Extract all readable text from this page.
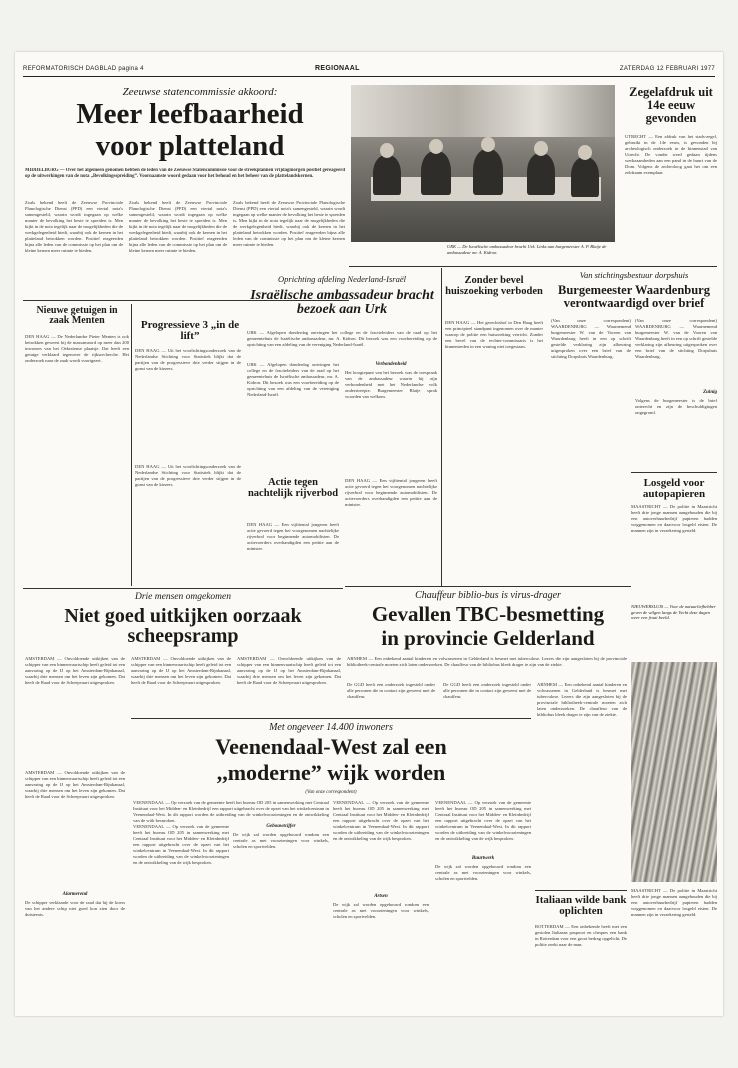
REFORMATORISCH DAGBLAD pagina 4	REGIONAAL	ZATERDAG 12 FEBRUARI 1977
Zeeuwse statencommissie akkoord:
Meer leefbaarheid
voor platteland
MIDDELBURG — Over het algemeen genomen hebben de leden van de Zeeuwse Statencommissie voor de streekplannen vrijdagmorgen positief gereageerd op de uitwerkingen van de nota „Bevolkingsspreiding”. Voornaamste woord gedaan voor het behoud en het beheer van de plattelandskernen.
Zoals bekend heeft de Zeeuwse Provinciale Planologische Dienst (PPD) een viertal nota's samengesteld, waarin wordt ingegaan op welke manier de bevolking het beste te spreiden is. Men kijkt in de nota tegelijk naar de mogelijkheden die de werkgelegenheid biedt, waarbij ook de kernen in het platteland betrokken worden. Positief reageerden bijna alle leden van de commissie op het plan om de kleine kernen meer ruimte te bieden.
Zoals bekend heeft de Zeeuwse Provinciale Planologische Dienst (PPD) een viertal nota's samengesteld, waarin wordt ingegaan op welke manier de bevolking het beste te spreiden is. Men kijkt in de nota tegelijk naar de mogelijkheden die de werkgelegenheid biedt, waarbij ook de kernen in het platteland betrokken worden. Positief reageerden bijna alle leden van de commissie op het plan om de kleine kernen meer ruimte te bieden.
Zoals bekend heeft de Zeeuwse Provinciale Planologische Dienst (PPD) een viertal nota's samengesteld, waarin wordt ingegaan op welke manier de bevolking het beste te spreiden is. Men kijkt in de nota tegelijk naar de mogelijkheden die de werkgelegenheid biedt, waarbij ook de kernen in het platteland betrokken worden. Positief reageerden bijna alle leden van de commissie op het plan om de kleine kernen meer ruimte te bieden.	URK — De Israëlische ambassadeur bracht Urk. Links aan burgemeester A. P. Blaije de ambassadeur mr. A. Kidron.
Zegelafdruk uit 14e eeuw gevonden
UTRECHT — Een afdruk van het stads-zegel, gebruikt in de 14e eeuw, is gevonden bij archeologisch onderzoek in de binnenstad van Utrecht. De vondst werd gedaan tijdens werkzaamheden aan een pand in de buurt van de Dom. Volgens de archeoloog gaat het om een zeldzaam exemplaar.
Nieuwe getuigen in zaak Menten
DEN HAAG — De Nederlandse Pieter Menten is ook betrokken geweest bij de massamoord op meer dan 200 inwoners van het Oekraïense plaatsje. Dat heeft een getuige verklaard tegenover de rijksrecherche. Het onderzoek naar de zaak wordt voortgezet.
Progressieve 3 „in de lift”
DEN HAAG — Uit het voorlichtingsonderzoek van de Nederlandse Stichting voor Statistiek blijkt dat de partijen van de progressieve drie verder stijgen in de gunst van de kiezers.
DEN HAAG — Uit het voorlichtingsonderzoek van de Nederlandse Stichting voor Statistiek blijkt dat de partijen van de progressieve drie verder stijgen in de gunst van de kiezers.
Oprichting afdeling Nederland-Israël
Israëlische ambassadeur bracht bezoek aan Urk
URK — Afgelopen donderdag ontvingen het college en de fractieleiders van de raad op het gemeentehuis de Israëlische ambassadeur, mr. A. Kidron. Dit bezoek was een voorbereiding op de oprichting van een afdeling van de vereniging Nederland-Israël.
URK — Afgelopen donderdag ontvingen het college en de fractieleiders van de raad op het gemeentehuis de Israëlische ambassadeur, mr. A. Kidron. Dit bezoek was een voorbereiding op de oprichting van een afdeling van de vereniging Nederland-Israël.
Verbondenheid
Het hoogtepunt van het bezoek was de toespraak van de ambassadeur waarin hij zijn verbondenheid met het Nederlandse volk onderstreepte. Burgemeester Blaije sprak woorden van welkom.
Actie tegen nachtelijk rijverbod
DEN HAAG — Een vijftiental jongeren heeft actie gevoerd tegen het voorgenomen nachtelijke rijverbod voor beginnende automobilisten. De actievoerders overhandigden een petitie aan de minister.
DEN HAAG — Een vijftiental jongeren heeft actie gevoerd tegen het voorgenomen nachtelijke rijverbod voor beginnende automobilisten. De actievoerders overhandigden een petitie aan de minister.
Zonder bevel huiszoeking verboden
DEN HAAG — Het gerechtshof in Den Haag heeft een principieel standpunt ingenomen over de manier waarop de politie een huiszoeking verricht. Zonder een bevel van de rechter-commissaris is het binnentreden in een woning niet toegestaan.
Van stichtingsbestuur dorpshuis
Burgemeester Waardenburg verontwaardigd over brief
(Van onze correspondent) WAARDENBURG — Waarnemend burgemeester W. van de Vooren van Waardenburg heeft in een op schrift gestelde verklaring zijn afkeuring uitgesproken over een brief van de stichting Dorpshuis Waardenburg.
(Van onze correspondent) WAARDENBURG — Waarnemend burgemeester W. van de Vooren van Waardenburg heeft in een op schrift gestelde verklaring zijn afkeuring uitgesproken over een brief van de stichting Dorpshuis Waardenburg.
Zuinig
Volgens de burgemeester is de brief onterecht en zijn de beschuldigingen ongegrond.
Losgeld voor autopapieren
MAASTRICHT — De politie in Maastricht heeft drie jonge mannen aangehouden die bij een autoverhuurbedrijf papieren hadden weggenomen en daarvoor losgeld eisten. De mannen zijn in verzekering gesteld.
NIEUWERSLUIS — Voor de natuurliefhebber geven de wilgen langs de Vecht deze dagen weer een fraai beeld.
Chauffeur biblio-bus is virus-drager
Gevallen TBC-besmetting
in provincie Gelderland
ARNHEM — Een onbekend aantal kinderen en volwassenen in Gelderland is besmet met tuberculose. Lezers die zijn aangesloten bij de provinciale bibliotheek-centrale moeten zich laten onderzoeken. De chauffeur van de bibliobus bleek drager te zijn van de ziekte.
De GGD heeft een onderzoek ingesteld onder alle personen die in contact zijn geweest met de chauffeur.
De GGD heeft een onderzoek ingesteld onder alle personen die in contact zijn geweest met de chauffeur.
ARNHEM — Een onbekend aantal kinderen en volwassenen in Gelderland is besmet met tuberculose. Lezers die zijn aangesloten bij de provinciale bibliotheek-centrale moeten zich laten onderzoeken. De chauffeur van de bibliobus bleek drager te zijn van de ziekte.
Drie mensen omgekomen
Niet goed uitkijken oorzaak scheepsramp
AMSTERDAM — Onvoldoende uitkijken van de schipper van een binnenvaartschip heeft geleid tot een aanvaring op de IJ op het Amsterdam-Rijnkanaal, waarbij drie mensen om het leven zijn gekomen. Dat heeft de Raad voor de Scheepvaart uitgesproken.
AMSTERDAM — Onvoldoende uitkijken van de schipper van een binnenvaartschip heeft geleid tot een aanvaring op de IJ op het Amsterdam-Rijnkanaal, waarbij drie mensen om het leven zijn gekomen. Dat heeft de Raad voor de Scheepvaart uitgesproken.
AMSTERDAM — Onvoldoende uitkijken van de schipper van een binnenvaartschip heeft geleid tot een aanvaring op de IJ op het Amsterdam-Rijnkanaal, waarbij drie mensen om het leven zijn gekomen. Dat heeft de Raad voor de Scheepvaart uitgesproken.
Met ongeveer 14.400 inwoners
Veenendaal-West zal een
,,moderne” wijk worden
(Van onze correspondent)
VEENENDAAL — Op verzoek van de gemeente heeft het bureau OD 205 in samenwerking met Centraal Instituut voor het Midden- en Kleinbedrijf een rapport uitgebracht over de opzet van het winkelcentrum in Veenendaal-West. In dit rapport worden de uitbreiding van de winkelvoorzieningen en de ontwikkeling van de wijk besproken.
AMSTERDAM — Onvoldoende uitkijken van de schipper van een binnenvaartschip heeft geleid tot een aanvaring op de IJ op het Amsterdam-Rijnkanaal, waarbij drie mensen om het leven zijn gekomen. Dat heeft de Raad voor de Scheepvaart uitgesproken.
Alarmerend
De schipper verklaarde voor de raad dat hij de koers van het andere schip niet goed kon zien door de duisternis.
VEENENDAAL — Op verzoek van de gemeente heeft het bureau OD 205 in samenwerking met Centraal Instituut voor het Midden- en Kleinbedrijf een rapport uitgebracht over de opzet van het winkelcentrum in Veenendaal-West. In dit rapport worden de uitbreiding van de winkelvoorzieningen en de ontwikkeling van de wijk besproken.
Gebouwtcijfer
De wijk zal worden opgebouwd rondom een centrale as met voorzieningen voor winkels, scholen en sportvelden.
Artsen
VEENENDAAL — Op verzoek van de gemeente heeft het bureau OD 205 in samenwerking met Centraal Instituut voor het Midden- en Kleinbedrijf een rapport uitgebracht over de opzet van het winkelcentrum in Veenendaal-West. In dit rapport worden de uitbreiding van de winkelvoorzieningen en de ontwikkeling van de wijk besproken.
De wijk zal worden opgebouwd rondom een centrale as met voorzieningen voor winkels, scholen en sportvelden.
Buurtwerk
VEENENDAAL — Op verzoek van de gemeente heeft het bureau OD 205 in samenwerking met Centraal Instituut voor het Midden- en Kleinbedrijf een rapport uitgebracht over de opzet van het winkelcentrum in Veenendaal-West. In dit rapport worden de uitbreiding van de winkelvoorzieningen en de ontwikkeling van de wijk besproken.
De wijk zal worden opgebouwd rondom een centrale as met voorzieningen voor winkels, scholen en sportvelden.
Italiaan wilde bank oplichten
ROTTERDAM — Een onbekende heeft met een gestolen Italiaans paspoort en cheques een bank in Rotterdam voor een groot bedrag opgelicht. De politie zoekt naar de man.
MAASTRICHT — De politie in Maastricht heeft drie jonge mannen aangehouden die bij een autoverhuurbedrijf papieren hadden weggenomen en daarvoor losgeld eisten. De mannen zijn in verzekering gesteld.
